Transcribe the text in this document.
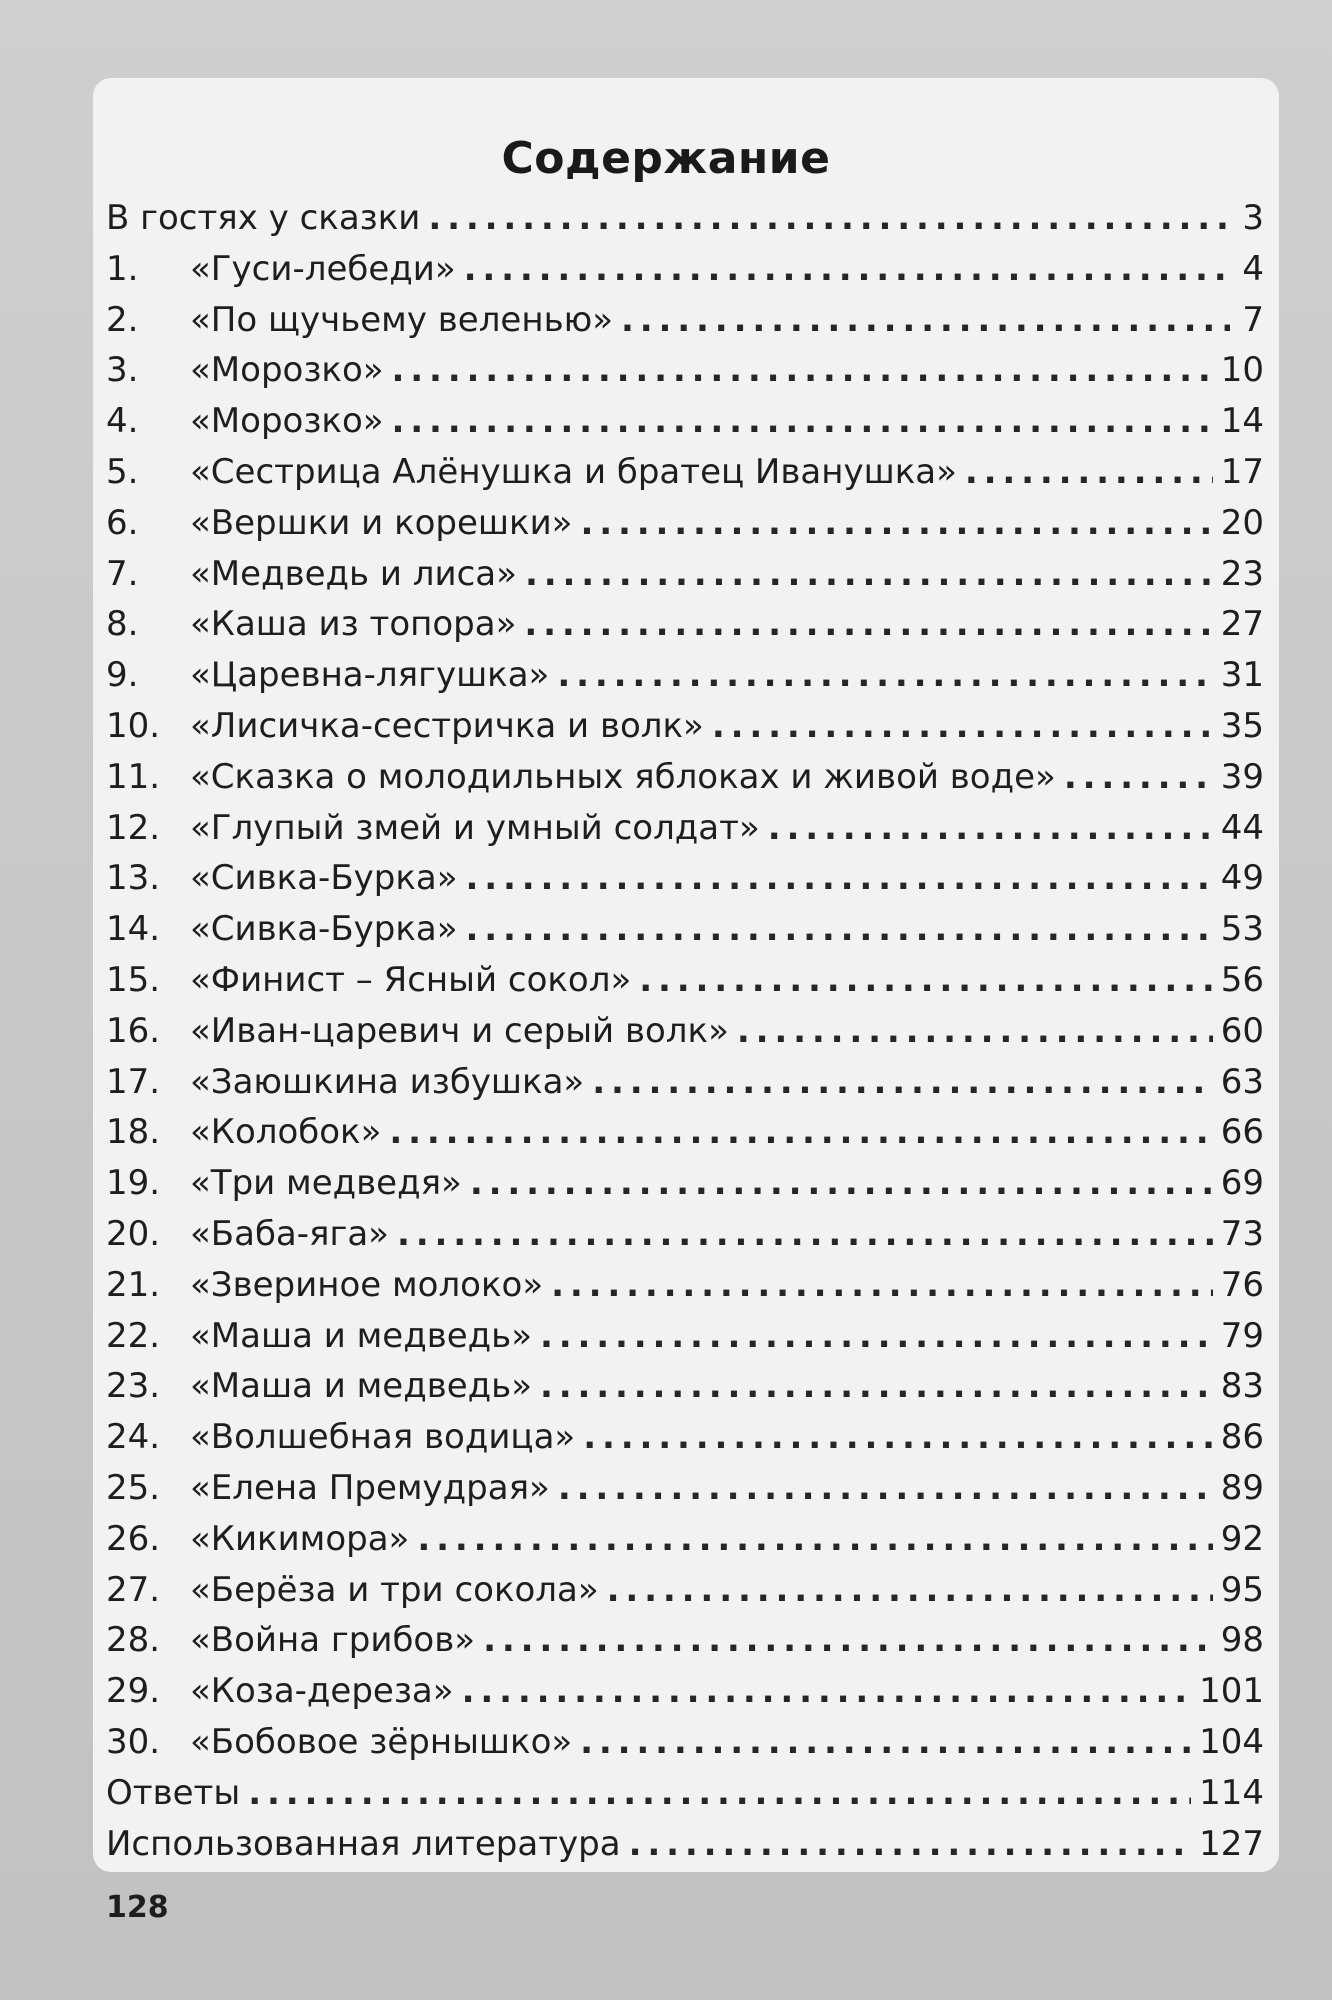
Содержание
В гостях у сказки . . .	3
1.	«Гуси-лебеди» . . .	4
2.	«По щучьему веленью» . . .	7
3.	«Морозко» . . .	10
4.	«Морозко» . . .	14
5.	«Сестрица Алёнушка и братец Иванушка» . . .	17
6.	«Вершки и корешки» . . .	20
7.	«Медведь и лиса» . . .	23
8.	«Каша из топора» . . .	27
9.	«Царевна-лягушка» . . .	31
10. «Лисичка-сестричка и волк» . . .	35
11. «Сказка о молодильных яблоках и живой воде» . . .	39
12. «Глупый змей и умный солдат» . . .	44
13. «Сивка-Бурка» . . .	49
14. «Сивка-Бурка» . . .	53
15. «Финист – Ясный сокол» . . .	56
16. «Иван-царевич и серый волк» . . .	60
17. «Заюшкина избушка» . . .	63
18. «Колобок» . . .	66
19. «Три медведя» . . .	69
20. «Баба-яга» . . .	73
21. «Звериное молоко» . . .	76
22. «Маша и медведь» . . .	79
23. «Маша и медведь» . . .	83
24. «Волшебная водица» . . .	86
25. «Елена Премудрая» . . .	89
26. «Кикимора» . . .	92
27. «Берёза и три сокола» . . .	95
28. «Война грибов» . . .	98
29. «Коза-дереза» . . .	101
30. «Бобовое зёрнышко» . . .	104
Ответы . . .	114
Использованная литература . . .	127
128
